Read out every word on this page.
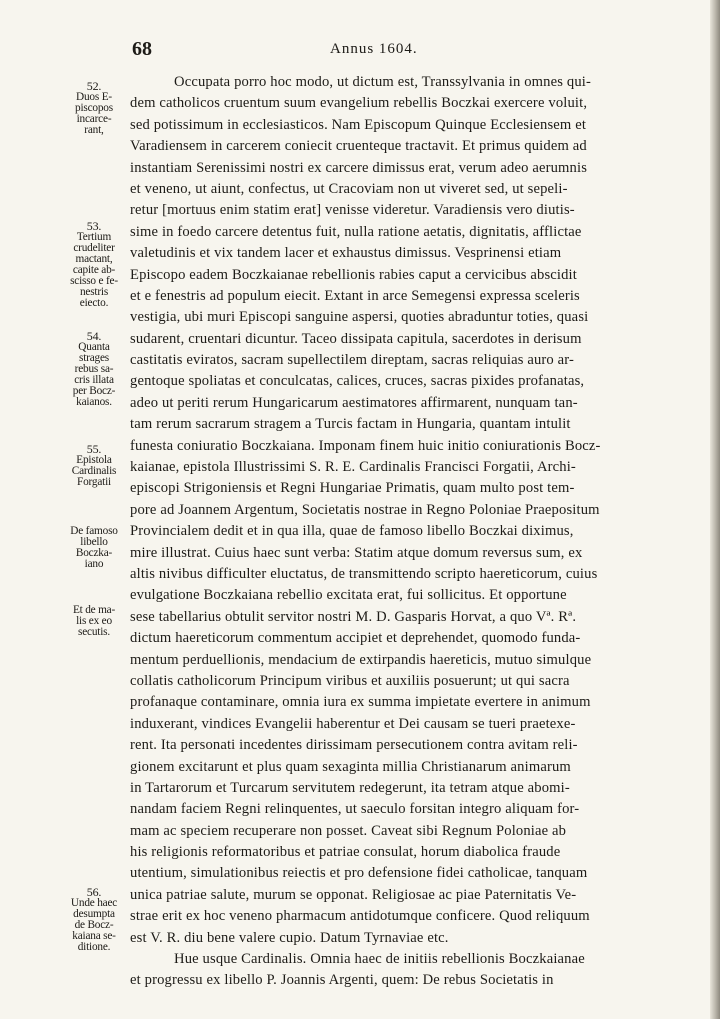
68	Annus 1604.
52.
Duos E-
piscopos
incarce-
rant,
53.
Tertium
crudeliter
mactant,
capite ab-
scisso e fe-
nestris
eiecto.
54.
Quanta
strages
rebus sa-
cris illata
per Bocz-
kaianos.
55.
Epistola
Cardinalis
Forgatii
De famoso
libello
Boczka-
iano
Et de ma-
lis ex eo
secutis.
56.
Unde haec
desumpta
de Bocz-
kaiana se-
ditione.
Occupata porro hoc modo, ut dictum est, Transsylvania in omnes qui-
dem catholicos cruentum suum evangelium rebellis Boczkai exercere voluit,
sed potissimum in ecclesiasticos. Nam Episcopum Quinque Ecclesiensem et
Varadiensem in carcerem coniecit cruenteque tractavit. Et primus quidem ad
instantiam Serenissimi nostri ex carcere dimissus erat, verum adeo aerumnis
et veneno, ut aiunt, confectus, ut Cracoviam non ut viveret sed, ut sepeli-
retur [mortuus enim statim erat] venisse videretur. Varadiensis vero diutis-
sime in foedo carcere detentus fuit, nulla ratione aetatis, dignitatis, afflictae
valetudinis et vix tandem lacer et exhaustus dimissus. Vesprinensi etiam
Episcopo eadem Boczkaianae rebellionis rabies caput a cervicibus abscidit
et e fenestris ad populum eiecit. Extant in arce Semegensi expressa sceleris
vestigia, ubi muri Episcopi sanguine aspersi, quoties abraduntur toties, quasi
sudarent, cruentari dicuntur. Taceo dissipata capitula, sacerdotes in derisum
castitatis eviratos, sacram supellectilem direptam, sacras reliquias auro ar-
gentoque spoliatas et conculcatas, calices, cruces, sacras pixides profanatas,
adeo ut periti rerum Hungaricarum aestimatores affirmarent, nunquam tan-
tam rerum sacrarum stragem a Turcis factam in Hungaria, quantam intulit
funesta coniuratio Boczkaiana. Imponam finem huic initio coniurationis Bocz-
kaianae, epistola Illustrissimi S. R. E. Cardinalis Francisci Forgatii, Archi-
episcopi Strigoniensis et Regni Hungariae Primatis, quam multo post tem-
pore ad Joannem Argentum, Societatis nostrae in Regno Poloniae Praepositum
Provincialem dedit et in qua illa, quae de famoso libello Boczkai diximus,
mire illustrat. Cuius haec sunt verba: Statim atque domum reversus sum, ex
altis nivibus difficulter eluctatus, de transmittendo scripto haereticorum, cuius
evulgatione Boczkaiana rebellio excitata erat, fui sollicitus. Et opportune
sese tabellarius obtulit servitor nostri M. D. Gasparis Horvat, a quo Vª. Rª.
dictum haereticorum commentum accipiet et deprehendet, quomodo funda-
mentum perduellionis, mendacium de extirpandis haereticis, mutuo simulque
collatis catholicorum Principum viribus et auxiliis posuerunt; ut qui sacra
profanaque contaminare, omnia iura ex summa impietate evertere in animum
induxerant, vindices Evangelii haberentur et Dei causam se tueri praetexe-
rent. Ita personati incedentes dirissimam persecutionem contra avitam reli-
gionem excitarunt et plus quam sexaginta millia Christianarum animarum
in Tartarorum et Turcarum servitutem redegerunt, ita tetram atque abomi-
nandam faciem Regni relinquentes, ut saeculo forsitan integro aliquam for-
mam ac speciem recuperare non posset. Caveat sibi Regnum Poloniae ab
his religionis reformatoribus et patriae consulat, horum diabolica fraude
utentium, simulationibus reiectis et pro defensione fidei catholicae, tanquam
unica patriae salute, murum se opponat. Religiosae ac piae Paternitatis Ve-
strae erit ex hoc veneno pharmacum antidotumque conficere. Quod reliquum
est V. R. diu bene valere cupio. Datum Tyrnaviae etc.
Hue usque Cardinalis. Omnia haec de initiis rebellionis Boczkaianae
et progressu ex libello P. Joannis Argenti, quem: De rebus Societatis in
